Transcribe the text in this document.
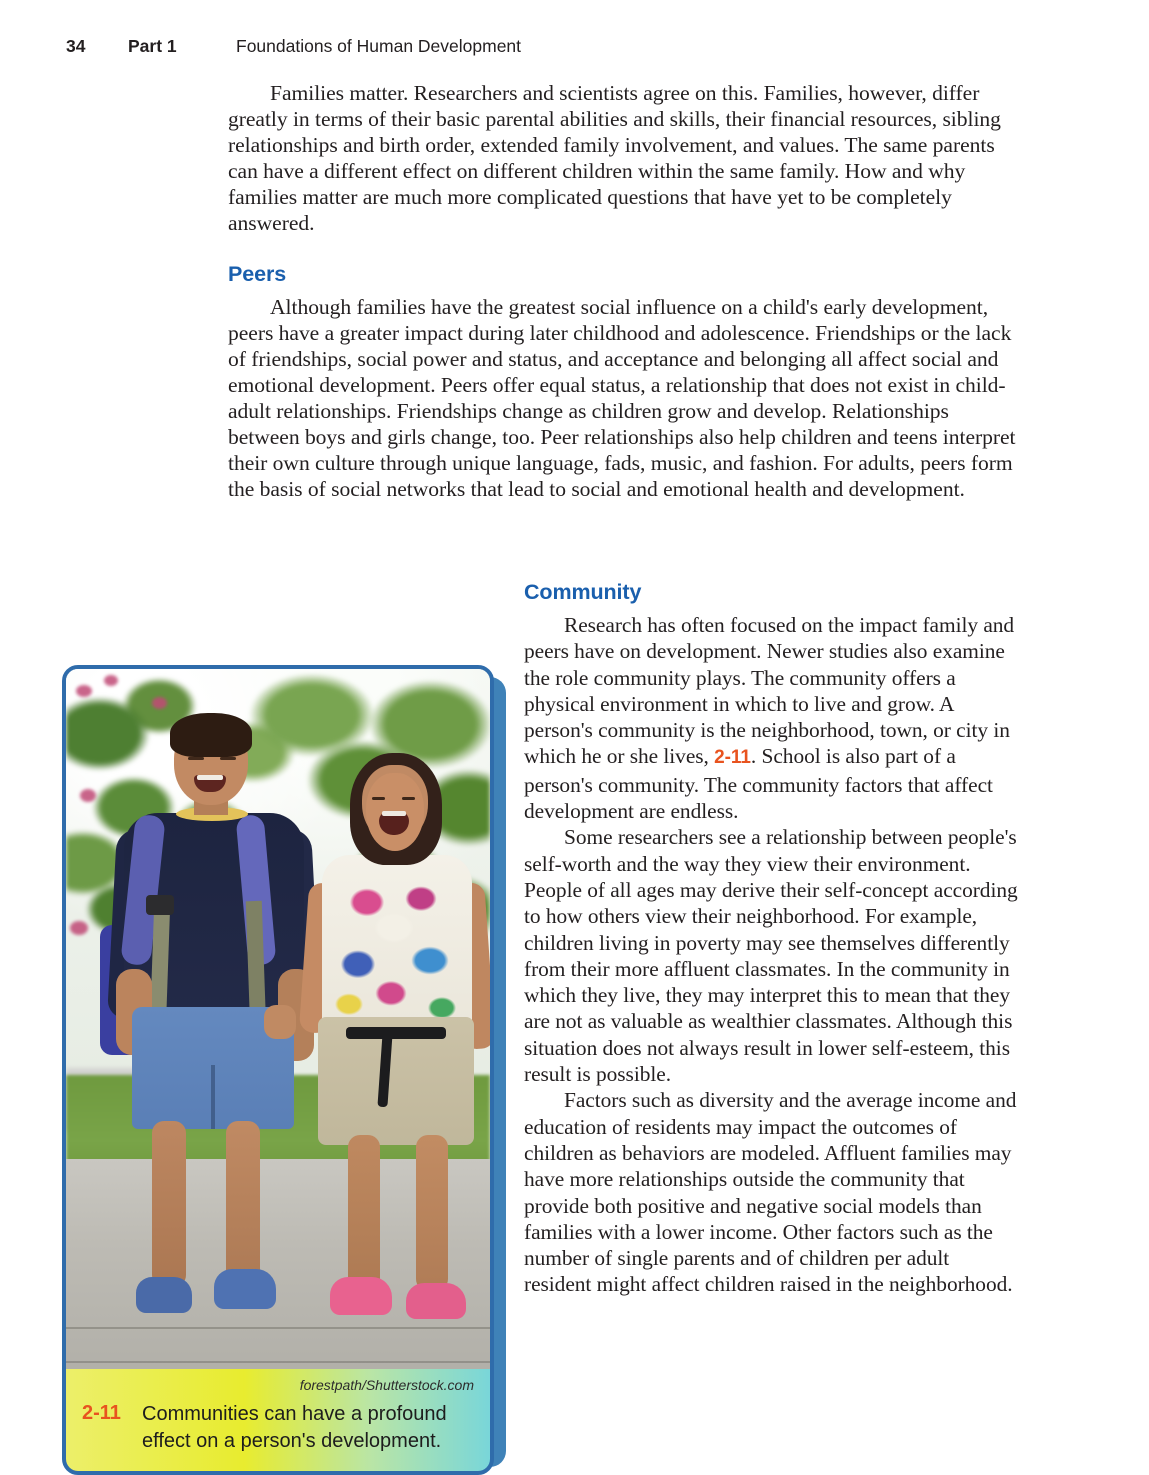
34	Part 1	Foundations of Human Development

Families matter. Researchers and scientists agree on this. Families, however, differ greatly in terms of their basic parental abilities and skills, their financial resources, sibling relationships and birth order, extended family involvement, and values. The same parents can have a different effect on different children within the same family. How and why families matter are much more complicated questions that have yet to be completely answered.

Peers

Although families have the greatest social influence on a child's early development, peers have a greater impact during later childhood and adolescence. Friendships or the lack of friendships, social power and status, and acceptance and belonging all affect social and emotional development. Peers offer equal status, a relationship that does not exist in child-adult relationships. Friendships change as children grow and develop. Relationships between boys and girls change, too. Peer relationships also help children and teens interpret their own culture through unique language, fads, music, and fashion. For adults, peers form the basis of social networks that lead to social and emotional health and development.

Community

Research has often focused on the impact family and peers have on development. Newer studies also examine the role community plays. The community offers a physical environment in which to live and grow. A person's community is the neighborhood, town, or city in which he or she lives, 2-11. School is also part of a person's community. The community factors that affect development are endless.

Some researchers see a relationship between people's self-worth and the way they view their environment. People of all ages may derive their self-concept according to how others view their neighborhood. For example, children living in poverty may see themselves differently from their more affluent classmates. In the community in which they live, they may interpret this to mean that they are not as valuable as wealthier classmates. Although this situation does not always result in lower self-esteem, this result is possible.

Factors such as diversity and the average income and education of residents may impact the outcomes of children as behaviors are modeled. Affluent families may have more relationships outside the community that provide both positive and negative social models than families with a lower income. Other factors such as the number of single parents and of children per adult resident might affect children raised in the neighborhood.

forestpath/Shutterstock.com
2-11	Communities can have a profound effect on a person's development.
